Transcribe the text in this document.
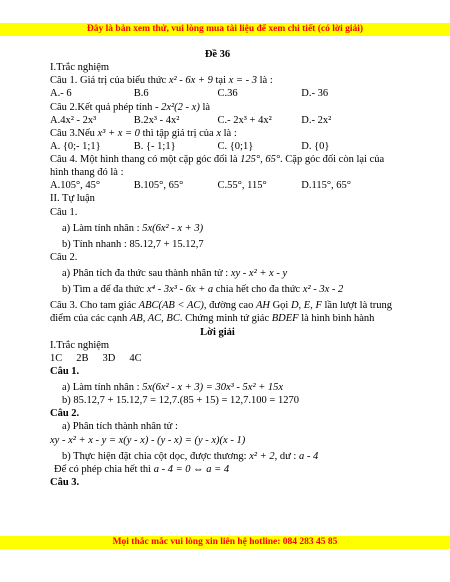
Đây là bản xem thử, vui lòng mua tài liệu để xem chi tiết (có lời giải)
Đề 36
I.Trắc nghiệm
Câu 1. Giá trị của biểu thức x² - 6x + 9 tại x = - 3 là :
A.- 6	B.6	C.36	D.- 36
Câu 2.Kết quả phép tính - 2x²(2 - x) là
A.4x² - 2x³	B.2x³ - 4x²	C.- 2x³ + 4x²	D.- 2x²
Câu 3.Nếu x³ + x = 0 thì tập giá trị của x là :
A. {0;- 1;1}	B. {- 1;1}	C. {0;1}	D. {0}
Câu 4. Một hình thang có một cặp góc đối là 125°, 65°. Cặp góc đối còn lại của
hình thang đó là :
A.105°, 45°	B.105°, 65°	C.55°, 115°	D.115°, 65°
II. Tự luận
Câu 1.
a) Làm tính nhân : 5x(6x² - x + 3)
b) Tính nhanh : 85.12,7 + 15.12,7
Câu 2.
a) Phân tích đa thức sau thành nhân tử : xy - x² + x - y
b) Tìm a để đa thức x⁴ - 3x³ - 6x + a chia hết cho đa thức x² - 3x - 2
Câu 3. Cho tam giác ABC(AB < AC), đường cao AH Gọi D, E, F lần lượt là trung
điểm của các cạnh AB, AC, BC. Chứng minh tứ giác BDEF là hình bình hành
Lời giải
I.Trắc nghiệm
1C 2B 3D 4C
Câu 1.
a) Làm tính nhân : 5x(6x² - x + 3) = 30x³ - 5x² + 15x
b) 85.12,7 + 15.12,7 = 12,7.(85 + 15) = 12,7.100 = 1270
Câu 2.
a) Phân tích thành nhân tử :
xy - x² + x - y = x(y - x) - (y - x) = (y - x)(x - 1)
b) Thực hiện đặt chia cột dọc, được thương: x² + 2, dư : a - 4
Để có phép chia hết thì a - 4 = 0 ⇔ a = 4
Câu 3.
Mọi thắc mắc vui lòng xin liên hệ hotline: 084 283 45 85
